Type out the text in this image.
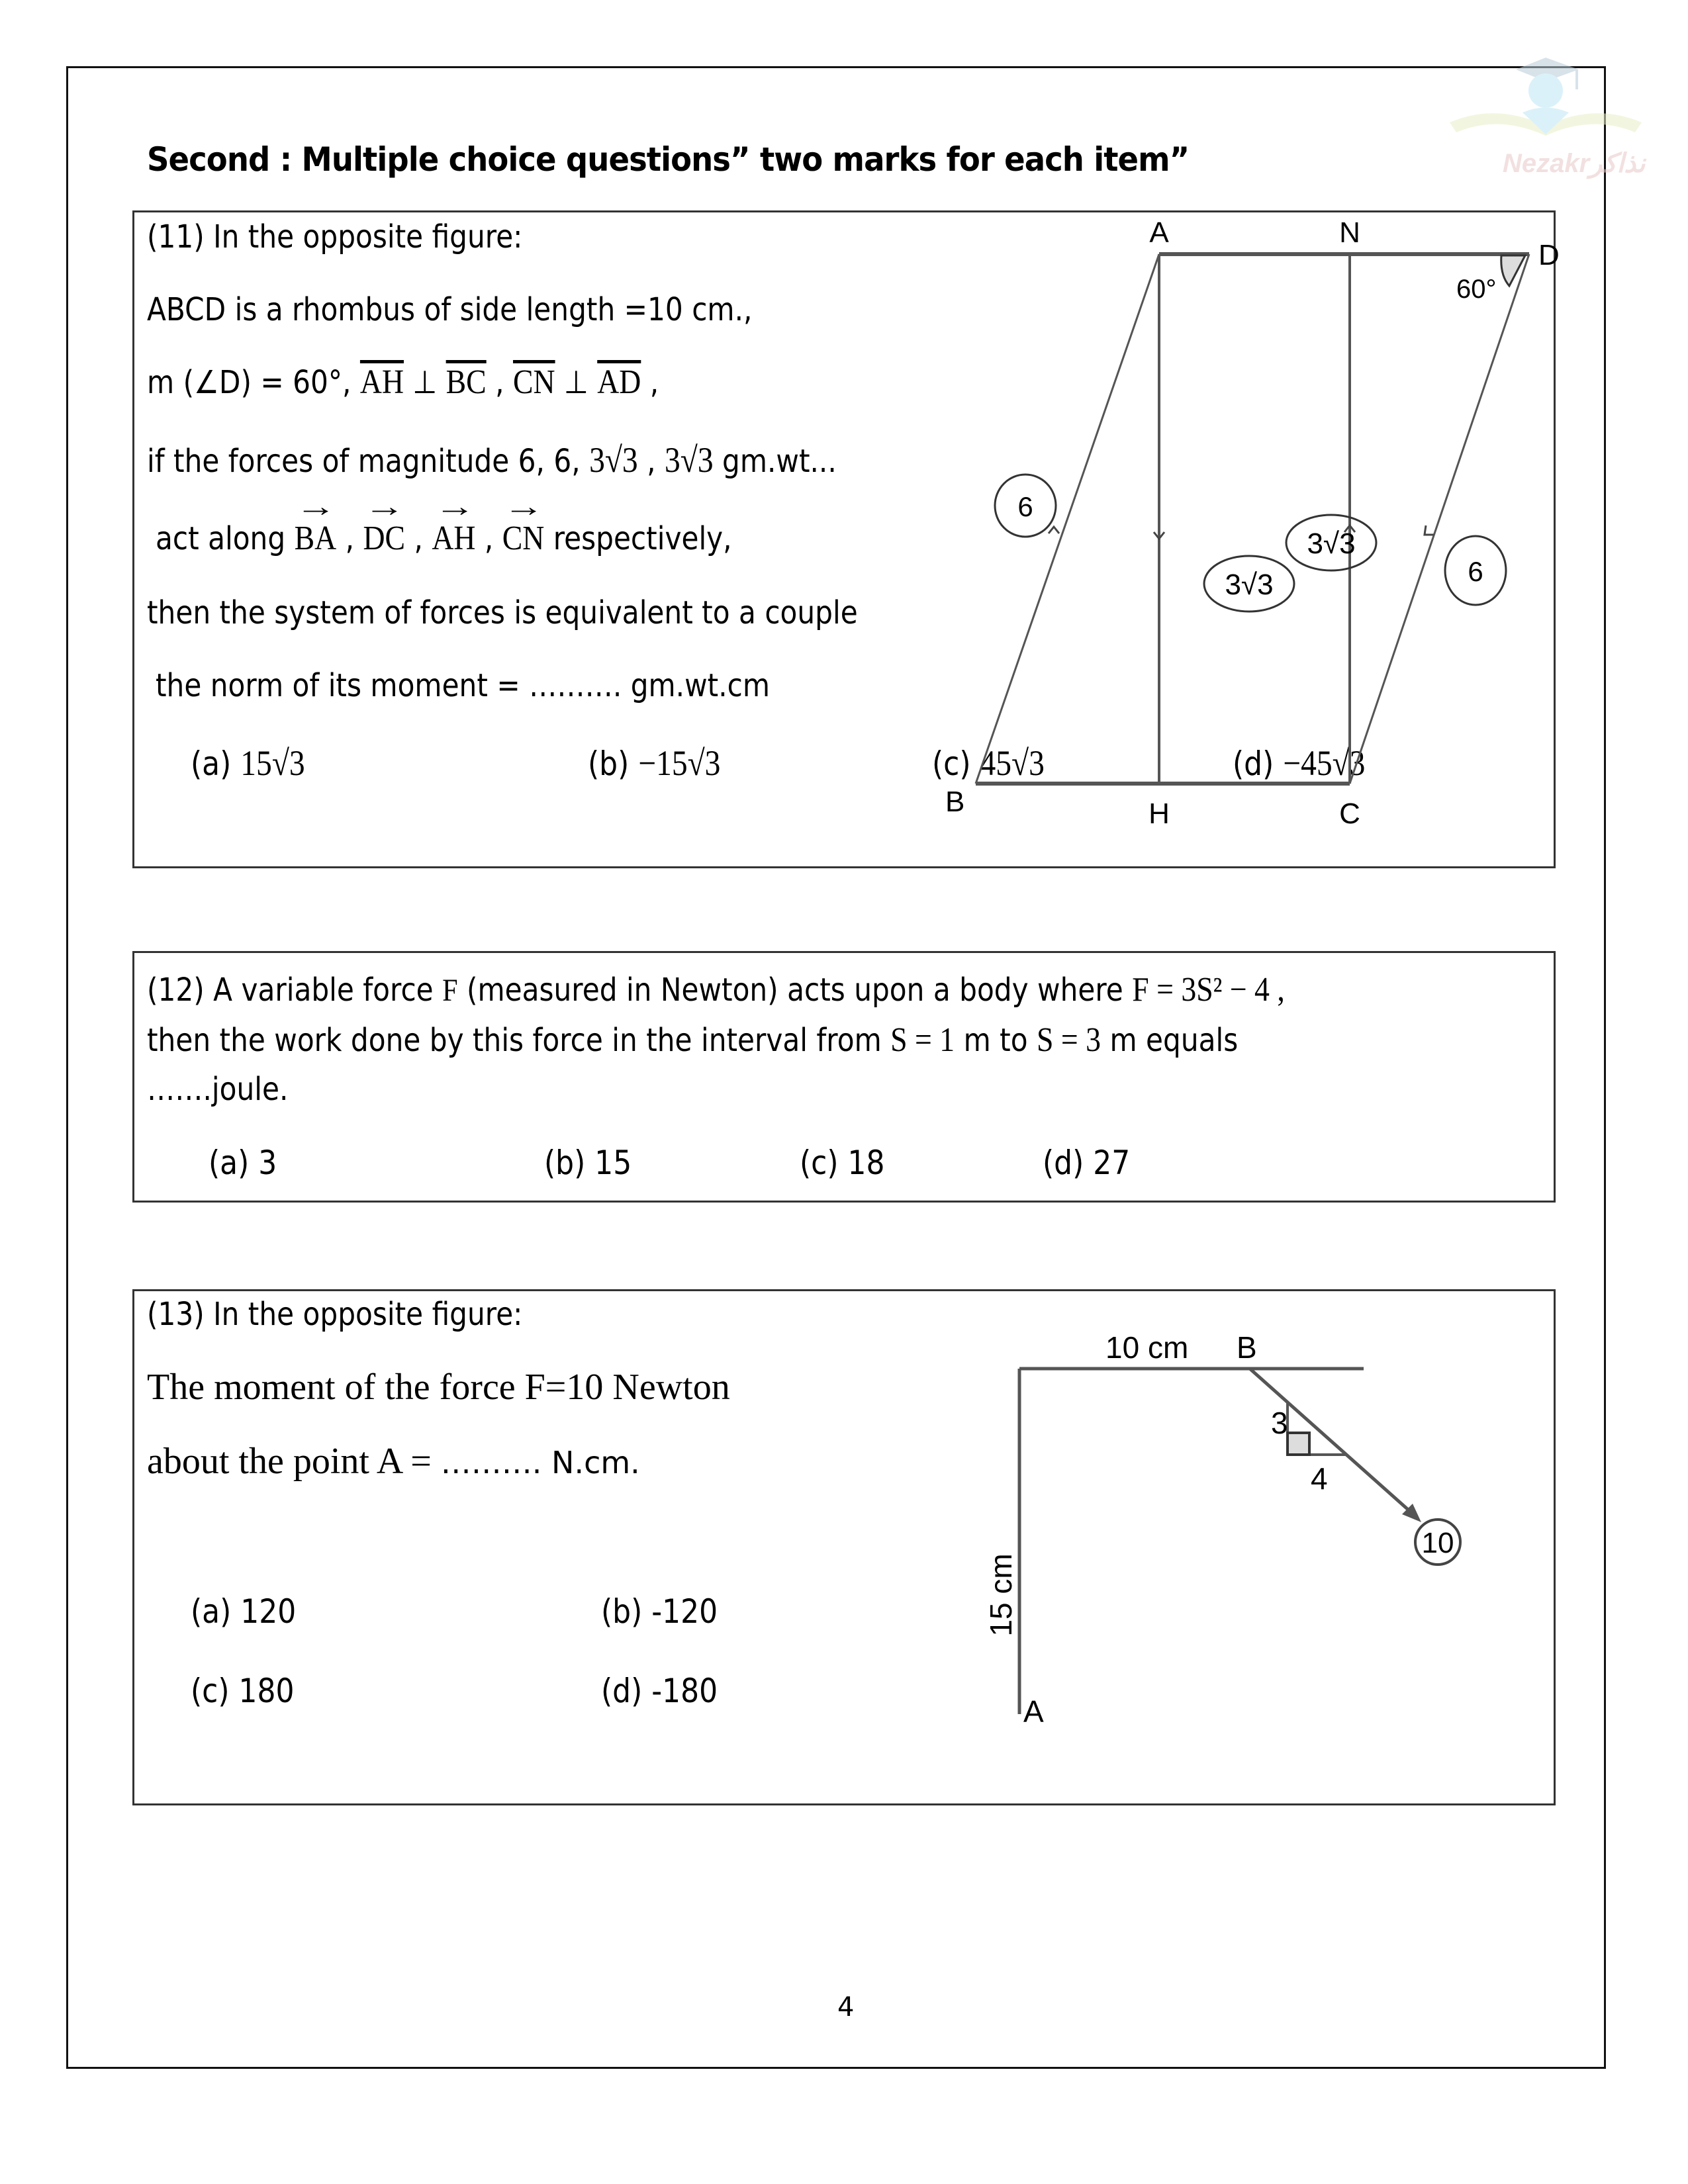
Nezakrنذاكر
Second : Multiple choice questions” two marks for each item”
(11) In the opposite figure:
ABCD is a rhombus of side length =10 cm.,
m (∠D) = 60°, $\overline{AH}$ ⊥ $\overline{BC}$ , $\overline{CN}$ ⊥ $\overline{AD}$ ,
if the forces of magnitude 6, 6, 3√3 , 3√3 gm.wt...
act along → BA , → DC , → AH , → CN respectively,
then the system of forces is equivalent to a couple
the norm of its moment = ………. gm.wt.cm
(a) 15√3	(b) −15√3	(c) 45√3	(d) −45√3
A	N
D
B	H	C
60°
6
6
3√3
3√3
(12) A variable force F (measured in Newton) acts upon a body where F = 3S² − 4 ,
then the work done by this force in the interval from S = 1 m to S = 3 m equals
…….joule.
(a) 3	(b) 15	(c) 18	(d) 27
(13) In the opposite figure:
The moment of the force F=10 Newton
about the point A = ………. N.cm.
(a) 120	(b) -120
(c) 180	(d) -180
10 cm B
A
3
4
10
15 cm
4
